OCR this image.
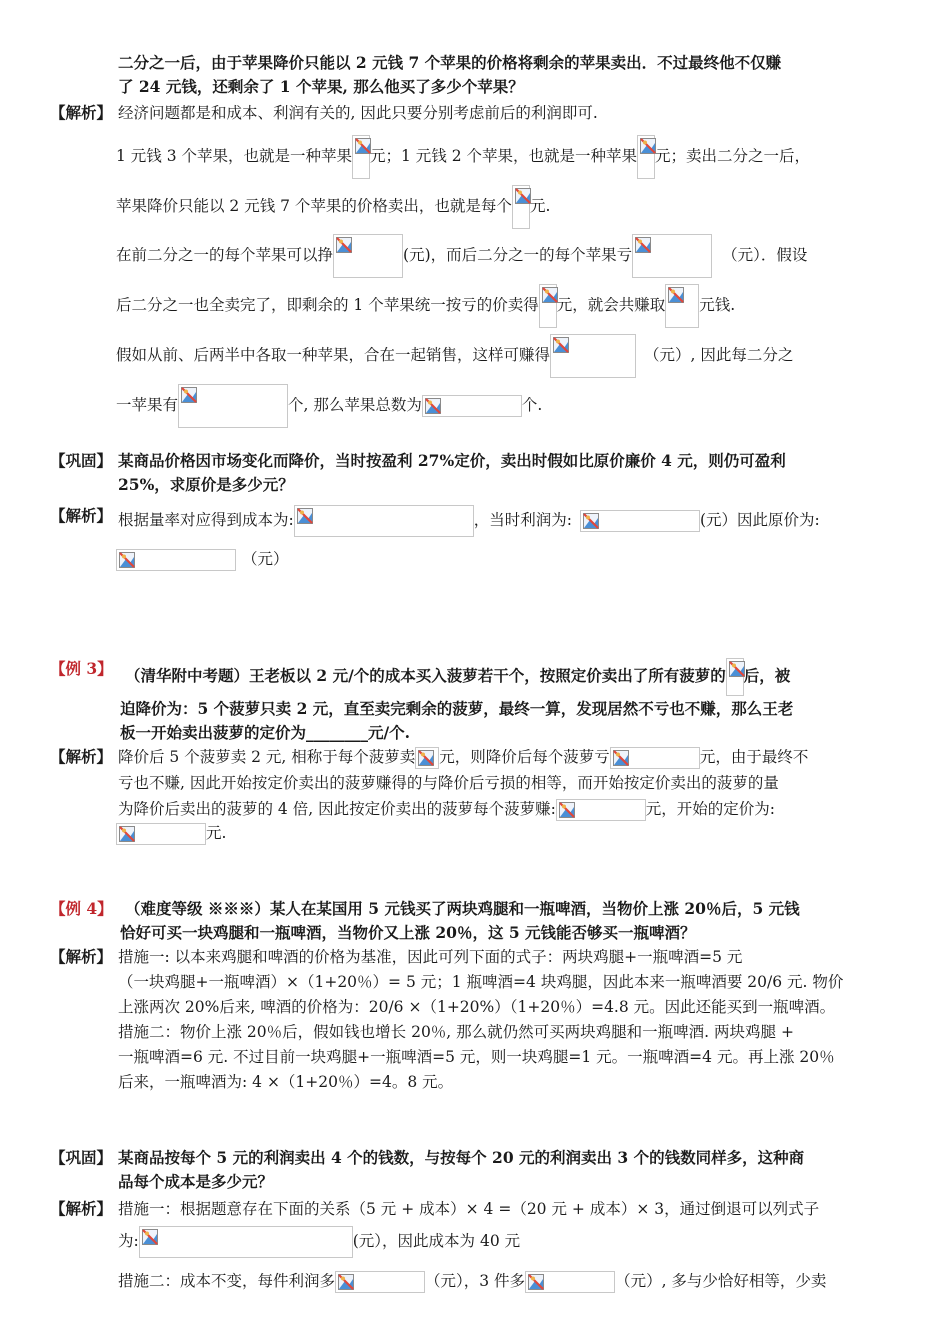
二分之一后，由于苹果降价只能以 2 元钱 7 个苹果的价格将剩余的苹果卖出．不过最终他不仅赚
了 24 元钱，还剩余了 1 个苹果, 那么他买了多少个苹果？
【解析】 经济问题都是和成本、利润有关的, 因此只要分别考虑前后的利润即可.
1 元钱 3 个苹果，也就是一种苹果 元；1 元钱 2 个苹果，也就是一种苹果 元；卖出二分之一后，
苹果降价只能以 2 元钱 7 个苹果的价格卖出，也就是每个 元.
在前二分之一的每个苹果可以挣	(元)，而后二分之一的每个苹果亏	（元）．假设
后二分之一也全卖完了，即剩余的 1 个苹果统一按亏的价卖得 元，就会共赚取 元钱.
假如从前、后两半中各取一种苹果，合在一起销售，这样可赚得	（元）, 因此每二分之
一苹果有	个, 那么苹果总数为	个.
【巩固】 某商品价格因市场变化而降价，当时按盈利 27%定价，卖出时假如比原价廉价 4 元，则仍可盈利
25%，求原价是多少元？
【解析】 根据量率对应得到成本为:	，当时利润为:	(元）因此原价为:
（元）
【例 3】 （清华附中考题）王老板以 2 元/个的成本买入菠萝若干个，按照定价卖出了所有菠萝的 后，被
迫降价为：5 个菠萝只卖 2 元，直至卖完剩余的菠萝，最终一算，发现居然不亏也不赚，那么王老
板一开始卖出菠萝的定价为________元/个.
【解析】 降价后 5 个菠萝卖 2 元, 相称于每个菠萝卖 元，则降价后每个菠萝亏	元，由于最终不
亏也不赚, 因此开始按定价卖出的菠萝赚得的与降价后亏损的相等，而开始按定价卖出的菠萝的量
为降价后卖出的菠萝的 4 倍, 因此按定价卖出的菠萝每个菠萝赚:	元，开始的定价为:
元.
【例 4】 （难度等级 ※※※）某人在某国用 5 元钱买了两块鸡腿和一瓶啤酒，当物价上涨 20％后，5 元钱
恰好可买一块鸡腿和一瓶啤酒，当物价又上涨 20％，这 5 元钱能否够买一瓶啤酒？
【解析】 措施一: 以本来鸡腿和啤酒的价格为基准，因此可列下面的式子：两块鸡腿+一瓶啤酒=5 元
（一块鸡腿+一瓶啤酒）×（1+20％）= 5 元；1 瓶啤酒=4 块鸡腿，因此本来一瓶啤酒要 20/6 元. 物价
上涨两次 20%后来, 啤酒的价格为：20/6 ×（1+20%）（1+20％）=4.8 元。因此还能买到一瓶啤酒。
措施二：物价上涨 20％后，假如钱也增长 20％, 那么就仍然可买两块鸡腿和一瓶啤酒. 两块鸡腿 +
一瓶啤酒=6 元. 不过目前一块鸡腿+一瓶啤酒=5 元，则一块鸡腿=1 元。一瓶啤酒=4 元。再上涨 20％
后来，一瓶啤酒为: 4 ×（1+20％）=4。8 元。
【巩固】 某商品按每个 5 元的利润卖出 4 个的钱数，与按每个 20 元的利润卖出 3 个的钱数同样多，这种商
品每个成本是多少元？
【解析】 措施一：根据题意存在下面的关系（5 元 + 成本）× 4 =（20 元 + 成本）× 3，通过倒退可以列式子
为:	(元），因此成本为 40 元
措施二：成本不变，每件利润多	（元），3 件多	（元）, 多与少恰好相等，少卖
